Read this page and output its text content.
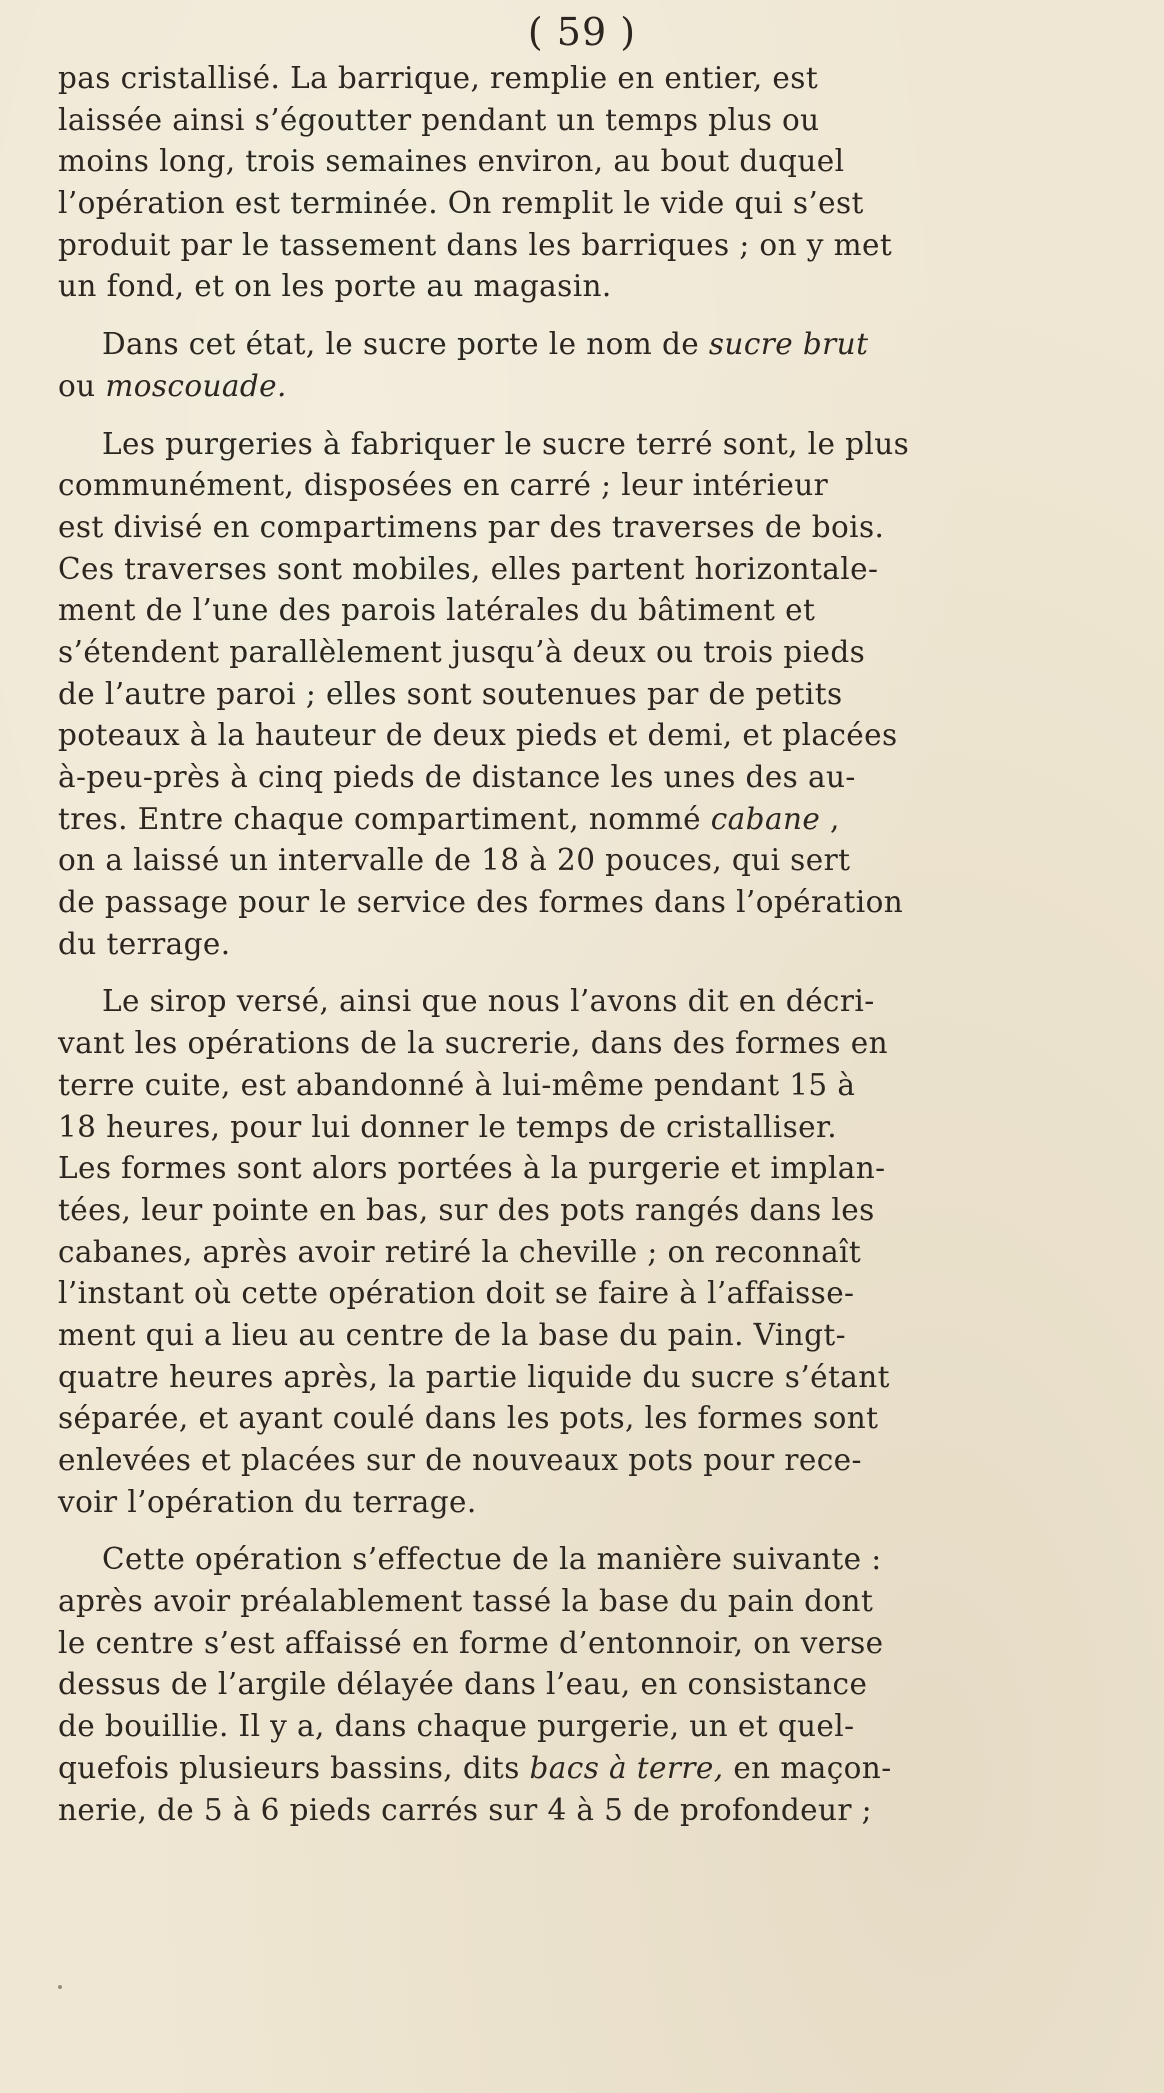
( 59 )
pas cristallisé. La barrique, remplie en entier, est
laissée ainsi s’égoutter pendant un temps plus ou
moins long, trois semaines environ, au bout duquel
l’opération est terminée. On remplit le vide qui s’est
produit par le tassement dans les barriques ; on y met
un fond, et on les porte au magasin.
Dans cet état, le sucre porte le nom de sucre brut
ou moscouade.
Les purgeries à fabriquer le sucre terré sont, le plus
communément, disposées en carré ; leur intérieur
est divisé en compartimens par des traverses de bois.
Ces traverses sont mobiles, elles partent horizontale-
ment de l’une des parois latérales du bâtiment et
s’étendent parallèlement jusqu’à deux ou trois pieds
de l’autre paroi ; elles sont soutenues par de petits
poteaux à la hauteur de deux pieds et demi, et placées
à-peu-près à cinq pieds de distance les unes des au-
tres. Entre chaque compartiment, nommé cabane ,
on a laissé un intervalle de 18 à 20 pouces, qui sert
de passage pour le service des formes dans l’opération
du terrage.
Le sirop versé, ainsi que nous l’avons dit en décri-
vant les opérations de la sucrerie, dans des formes en
terre cuite, est abandonné à lui-même pendant 15 à
18 heures, pour lui donner le temps de cristalliser.
Les formes sont alors portées à la purgerie et implan-
tées, leur pointe en bas, sur des pots rangés dans les
cabanes, après avoir retiré la cheville ; on reconnaît
l’instant où cette opération doit se faire à l’affaisse-
ment qui a lieu au centre de la base du pain. Vingt-
quatre heures après, la partie liquide du sucre s’étant
séparée, et ayant coulé dans les pots, les formes sont
enlevées et placées sur de nouveaux pots pour rece-
voir l’opération du terrage.
Cette opération s’effectue de la manière suivante :
après avoir préalablement tassé la base du pain dont
le centre s’est affaissé en forme d’entonnoir, on verse
dessus de l’argile délayée dans l’eau, en consistance
de bouillie. Il y a, dans chaque purgerie, un et quel-
quefois plusieurs bassins, dits bacs à terre, en maçon-
nerie, de 5 à 6 pieds carrés sur 4 à 5 de profondeur ;
